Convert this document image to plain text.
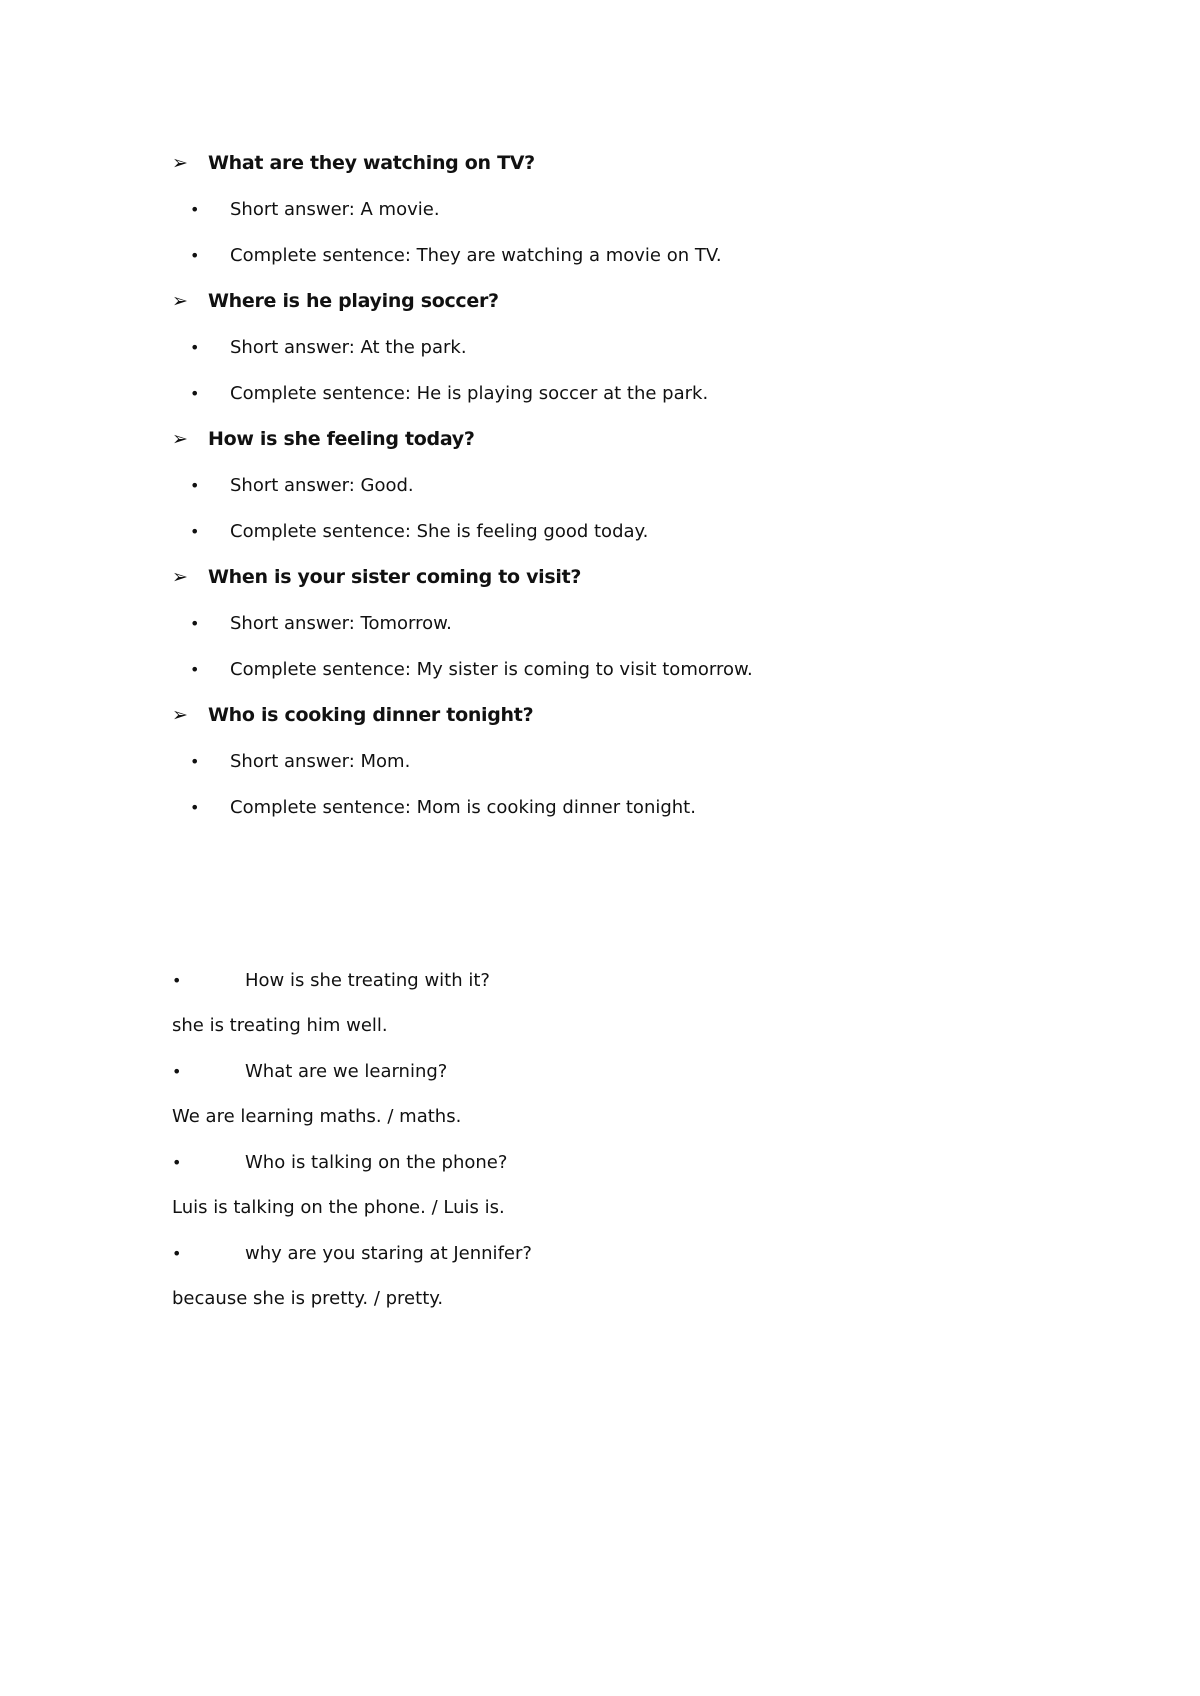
➢	What are they watching on TV?
•	Short answer: A movie.
•	Complete sentence: They are watching a movie on TV.
➢	Where is he playing soccer?
•	Short answer: At the park.
•	Complete sentence: He is playing soccer at the park.
➢	How is she feeling today?
•	Short answer: Good.
•	Complete sentence: She is feeling good today.
➢	When is your sister coming to visit?
•	Short answer: Tomorrow.
•	Complete sentence: My sister is coming to visit tomorrow.
➢	Who is cooking dinner tonight?
•	Short answer: Mom.
•	Complete sentence: Mom is cooking dinner tonight.
•	How is she treating with it?
she is treating him well.
•	What are we learning?
We are learning maths. / maths.
•	Who is talking on the phone?
Luis is talking on the phone. / Luis is.
•	why are you staring at Jennifer?
because she is pretty. / pretty.
